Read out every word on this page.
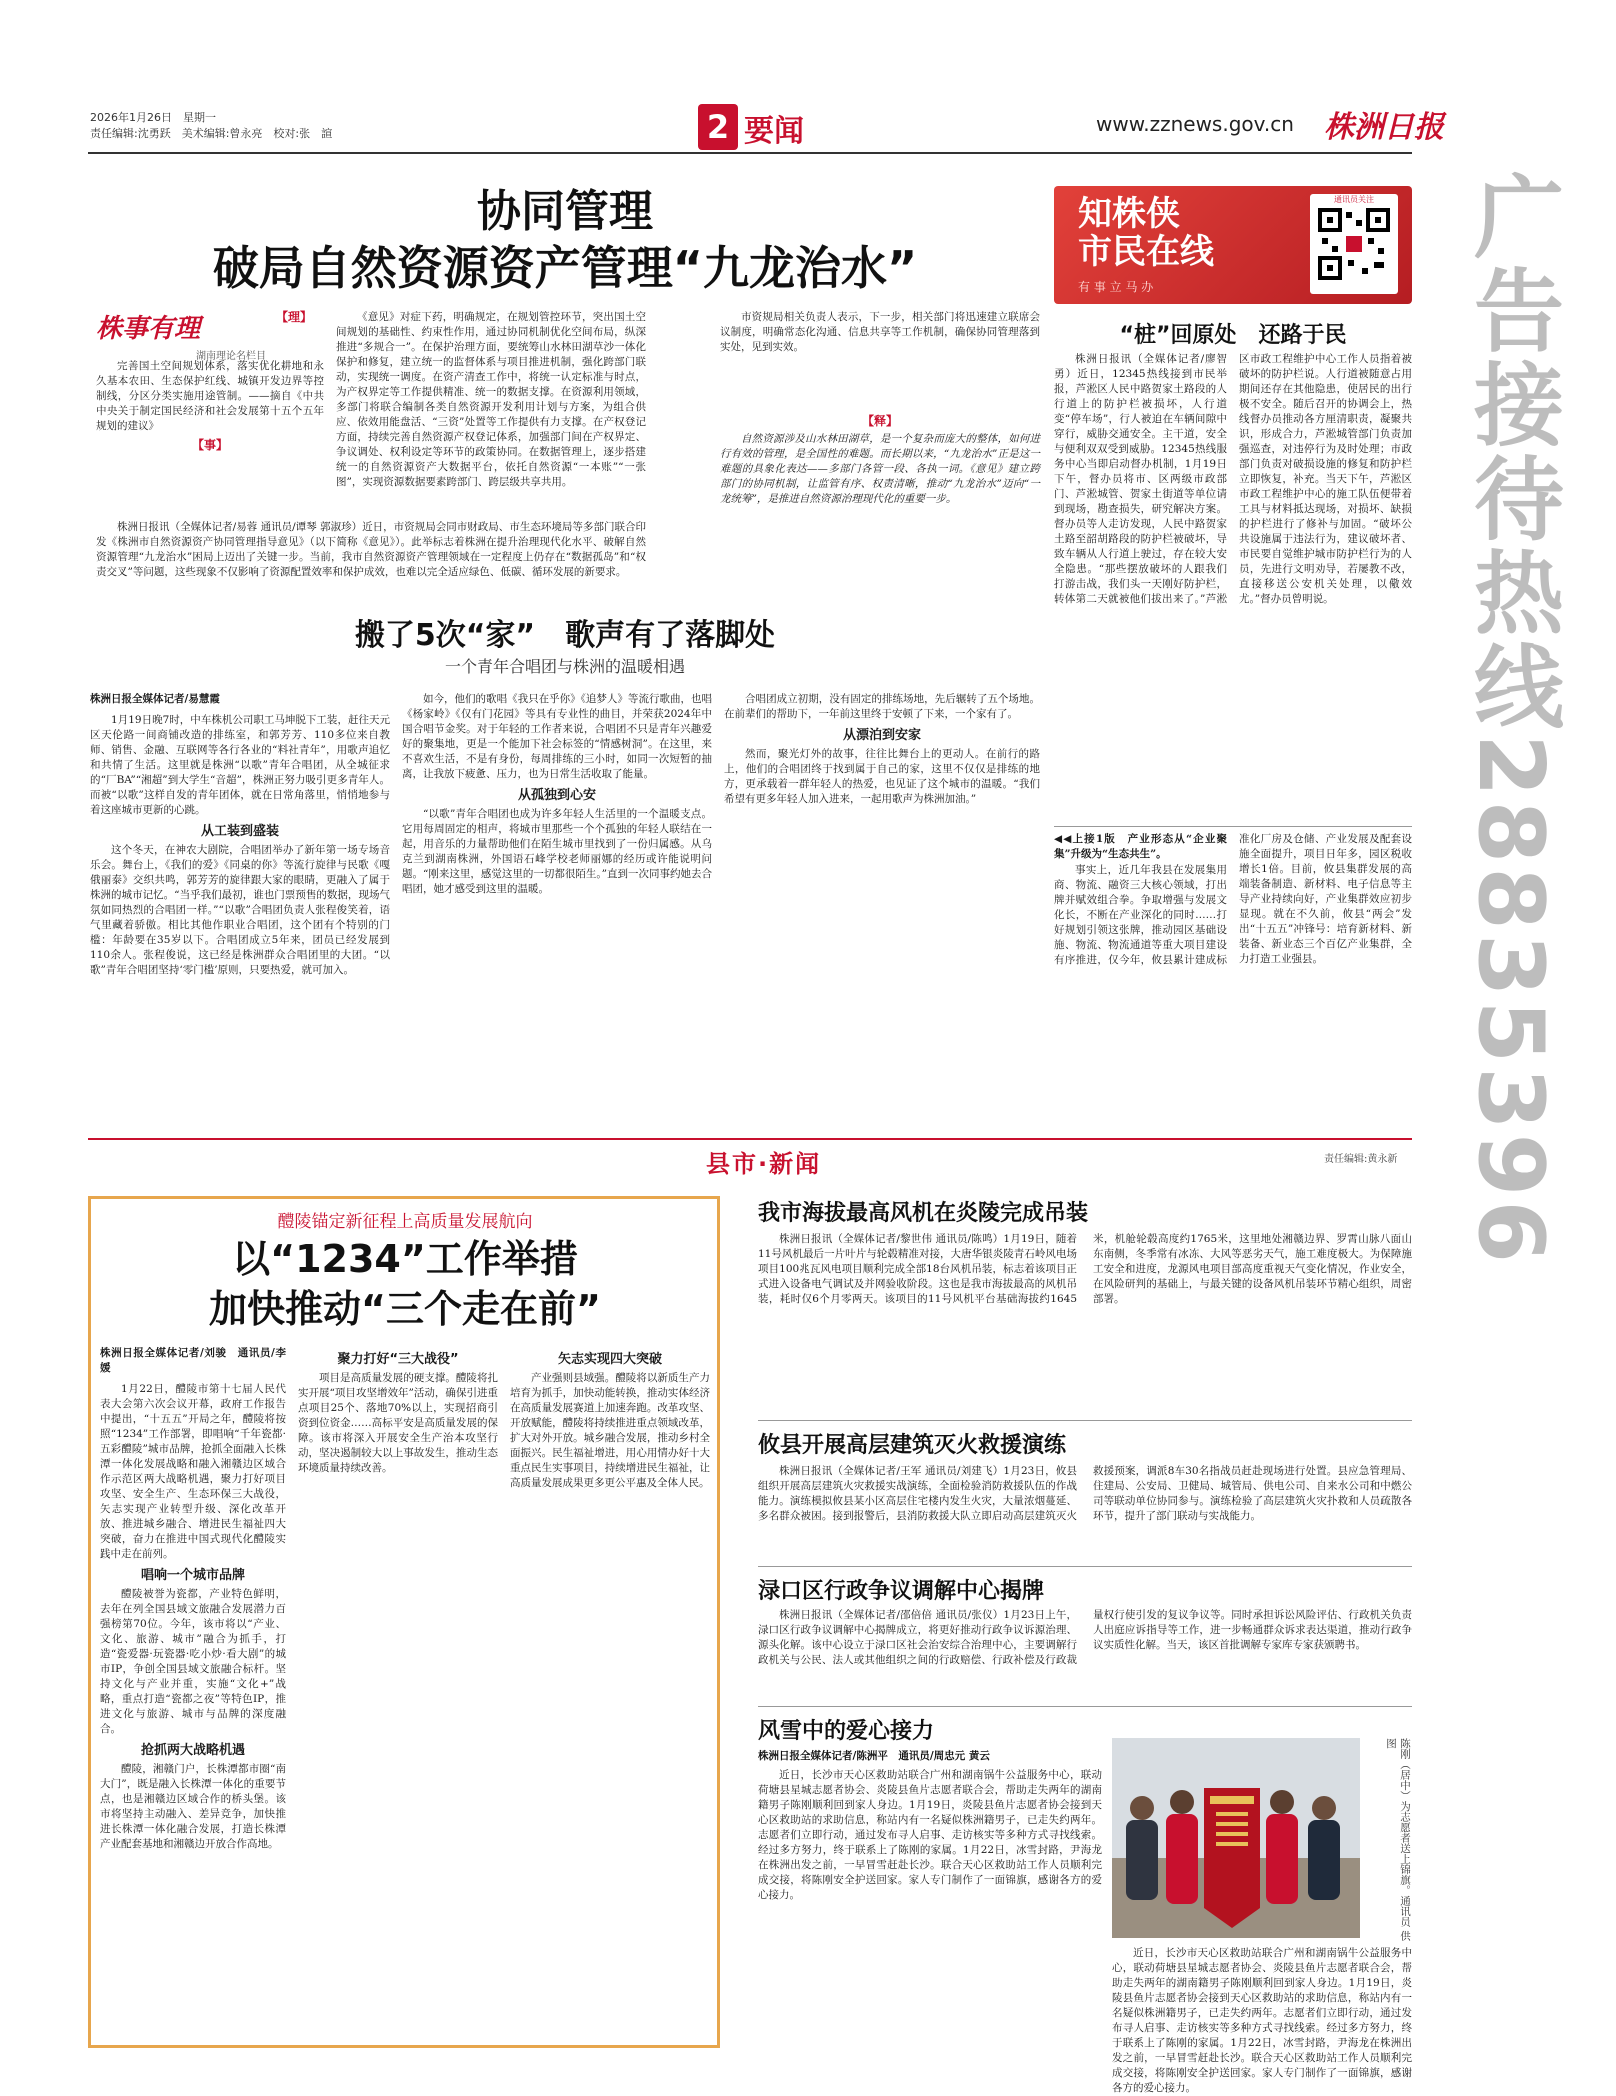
2026年1月26日　星期一
责任编辑:沈勇跃　美术编辑:曾永亮　校对:张　諠	2 要闻	www.zznews.gov.cn 株洲日报
广告接待热线28835396
协同管理
破局自然资源资产管理“九龙治水”
株事有理
湖南理论名栏目
【理】

完善国土空间规划体系，落实优化耕地和永久基本农田、生态保护红线、城镇开发边界等控制线，分区分类实施用途管制。——摘自《中共中央关于制定国民经济和社会发展第十五个五年规划的建议》

【事】

株洲日报讯（全媒体记者/易蓉 通讯员/谭琴 郭淑珍）近日，市资规局会同市财政局、市生态环境局等多部门联合印发《株洲市自然资源资产协同管理指导意见》（以下简称《意见》）。此举标志着株洲在提升治理现代化水平、破解自然资源管理“九龙治水”困局上迈出了关键一步。当前，我市自然资源资产管理领域在一定程度上仍存在“数据孤岛”和“权责交叉”等问题，这些现象不仅影响了资源配置效率和保护成效，也难以完全适应绿色、低碳、循环发展的新要求。

《意见》对症下药，明确规定，在规划管控环节，突出国土空间规划的基础性、约束性作用，通过协同机制优化空间布局，纵深推进“多规合一”。在保护治理方面，要统筹山水林田湖草沙一体化保护和修复，建立统一的监督体系与项目推进机制，强化跨部门联动，实现统一调度。在资产清查工作中，将统一认定标准与时点，为产权界定等工作提供精准、统一的数据支撑。在资源利用领域，多部门将联合编制各类自然资源开发利用计划与方案，为组合供应、依效用能盘活、“三资”处置等工作提供有力支撑。在产权登记方面，持续完善自然资源产权登记体系，加强部门间在产权界定、争议调处、权利设定等环节的政策协同。在数据管理上，逐步搭建统一的自然资源资产大数据平台，依托自然资源“一本账”“一张图”，实现资源数据要素跨部门、跨层级共享共用。

市资规局相关负责人表示，下一步，相关部门将迅速建立联席会议制度，明确常态化沟通、信息共享等工作机制，确保协同管理落到实处，见到实效。

【释】

自然资源涉及山水林田湖草，是一个复杂而庞大的整体，如何进行有效的管理，是全国性的难题。而长期以来，“九龙治水”正是这一难题的具象化表达——多部门各管一段、各执一词。《意见》建立跨部门的协同机制，让监管有序、权责清晰，推动“九龙治水”迈向“一龙统筹”，是推进自然资源治理现代化的重要一步。

搬了5次“家”　歌声有了落脚处
一个青年合唱团与株洲的温暖相遇
株洲日报全媒体记者/易慧霞

1月19日晚7时，中车株机公司职工马坤脱下工装，赶往天元区天伦路一间商铺改造的排练室，和郭芳芳、110多位来自教师、销售、金融、互联网等各行各业的“料社青年”，用歌声追忆和共情了生活。这里就是株洲“以歌”青年合唱团，从全城征求的“厂BA”“湘超”到大学生“音超”，株洲正努力吸引更多青年人。而被“以歌”这样自发的青年团体，就在日常角落里，悄悄地参与着这座城市更新的心跳。

从工装到盛装

这个冬天，在神农大剧院，合唱团举办了新年第一场专场音乐会。舞台上，《我们的爱》《同桌的你》等流行旋律与民歌《嘎俄丽泰》交织共鸣，郭芳芳的旋律跟大家的眼睛，更融入了属于株洲的城市记忆。“当乎我们最初，谁也门票预售的数据，现场气氛如同热烈的合唱团一样。”“以歌”合唱团负责人张程俊笑着，语气里藏着骄傲。相比其他作职业合唱团，这个团有个特别的门槛：年龄要在35岁以下。合唱团成立5年来，团员已经发展到110余人。张程俊说，这已经是株洲群众合唱团里的大团。“以歌”青年合唱团坚持‘零门槛’原则，只要热爱，就可加入。

如今，他们的歌唱《我只在乎你》《追梦人》等流行歌曲，也唱《杨家岭》《仅有门花园》等具有专业性的曲目，并荣获2024年中国合唱节金奖。对于年轻的工作者来说，合唱团不只是青年兴趣爱好的聚集地，更是一个能加下社会标签的“情感树洞”。在这里，来不喜欢生活，不是有身份，每周排练的三小时，如同一次短暂的抽离，让我放下疲惫、压力，也为日常生活收取了能量。

从孤独到心安

“以歌”青年合唱团也成为许多年轻人生活里的一个温暖支点。它用每周固定的相声，将城市里那些一个个孤独的年轻人联结在一起，用音乐的力量帮助他们在陌生城市里找到了一份归属感。从乌克兰到湖南株洲，外国语石峰学校老师丽娜的经历或许能说明问题。“刚来这里，感觉这里的一切都很陌生。”直到一次同事约她去合唱团，她才感受到这里的温暖。

合唱团成立初期，没有固定的排练场地，先后辗转了五个场地。在前辈们的帮助下，一年前这里终于安顿了下来，一个家有了。

从漂泊到安家

然而，聚光灯外的故事，往往比舞台上的更动人。在前行的路上，他们的合唱团终于找到属于自己的家，这里不仅仅是排练的地方，更承载着一群年轻人的热爱，也见证了这个城市的温暖。“我们希望有更多年轻人加入进来，一起用歌声为株洲加油。”

知株侠
市民在线
有 事 立 马 办
通讯员关注
“桩”回原处　还路于民

株洲日报讯（全媒体记者/廖智勇）近日，12345热线接到市民举报，芦淞区人民中路贺家土路段的人行道上的防护栏被损坏，人行道变“停车场”，行人被迫在车辆间隙中穿行，威胁交通安全。主干道，安全与便利双双受到威胁。12345热线服务中心当即启动督办机制，1月19日下午，督办员将市、区两级市政部门、芦淞城管、贺家土街道等单位请到现场，勘查损失，研究解决方案。督办员等人走访发现，人民中路贺家土路至韶胡路段的防护栏被破坏，导致车辆从人行道上驶过，存在较大安全隐患。“那些摆放破坏的人跟我们打游击战，我们头一天刚好防护栏，转体第二天就被他们拔出来了。”芦淞区市政工程维护中心工作人员指着被破坏的防护栏说。人行道被随意占用期间还存在其他隐患，使居民的出行极不安全。随后召开的协调会上，热线督办员推动各方厘清职责，凝聚共识，形成合力，芦淞城管部门负责加强巡查，对违停行为及时处理；市政部门负责对破损设施的修复和防护栏立即恢复，补充。当天下午，芦淞区市政工程维护中心的施工队伍便带着工具与材料抵达现场，对损坏、缺损的护栏进行了修补与加固。“破坏公共设施属于违法行为，建议破坏者、市民要自觉维护城市防护栏行为的人员，先进行文明劝导，若屡教不改，直接移送公安机关处理，以儆效尤。”督办员曾明说。

◀◀上接1版　产业形态从“企业聚集”升级为“生态共生”。

事实上，近几年我县在发展集用商、物流、融资三大核心领域，打出牌并赋效组合拳。争取增强与发展文化长，不断在产业深化的同时……打好规划引领这张牌，推动园区基础设施、物流、物流通道等重大项目建设有序推进，仅今年，攸县累计建成标准化厂房及仓储、产业发展及配套设施全面提升，项目日年多，园区税收增长1倍。目前，攸县集群发展的高端装备制造、新材料、电子信息等主导产业持续向好，产业集群效应初步显现。就在不久前，攸县“两会”发出“十五五”冲锋号：培育新材料、新装备、新业态三个百亿产业集群，全力打造工业强县。

县市·新闻	责任编辑:黄永新
醴陵锚定新征程上高质量发展航向
以“1234”工作举措
加快推动“三个走在前”
株洲日报全媒体记者/刘骏　通讯员/李媛

1月22日，醴陵市第十七届人民代表大会第六次会议开幕，政府工作报告中提出，“十五五”开局之年，醴陵将按照“1234”工作部署，即唱响“千年瓷都·五彩醴陵”城市品牌，抢抓全面融入长株潭一体化发展战略和融入湘赣边区域合作示范区两大战略机遇，聚力打好项目攻坚、安全生产、生态环保三大战役，矢志实现产业转型升级、深化改革开放、推进城乡融合、增进民生福祉四大突破，奋力在推进中国式现代化醴陵实践中走在前列。

唱响一个城市品牌

醴陵被誉为瓷都，产业特色鲜明，去年在列全国县域文旅融合发展潜力百强榜第70位。今年，该市将以“产业、文化、旅游、城市”融合为抓手，打造“瓷爱器·玩瓷器·吃小炒·看大剧”的城市IP，争创全国县域文旅融合标杆。坚持文化与产业并重，实施“文化+”战略，重点打造“瓷都之夜”等特色IP，推进文化与旅游、城市与品牌的深度融合。

抢抓两大战略机遇

醴陵，湘赣门户，长株潭都市圈“南大门”，既是融入长株潭一体化的重要节点，也是湘赣边区域合作的桥头堡。该市将坚持主动融入、差异竞争，加快推进长株潭一体化融合发展，打造长株潭产业配套基地和湘赣边开放合作高地。

聚力打好“三大战役”

项目是高质量发展的硬支撑。醴陵将扎实开展“项目攻坚增效年”活动，确保引进重点项目25个、落地70%以上，实现招商引资到位资金……高标平安是高质量发展的保障。该市将深入开展安全生产治本攻坚行动，坚决遏制较大以上事故发生，推动生态环境质量持续改善。

矢志实现四大突破

产业强则县域强。醴陵将以新质生产力培育为抓手，加快动能转换，推动实体经济在高质量发展赛道上加速奔跑。改革攻坚、开放赋能，醴陵将持续推进重点领域改革，扩大对外开放。城乡融合发展，推动乡村全面振兴。民生福祉增进，用心用情办好十大重点民生实事项目，持续增进民生福祉，让高质量发展成果更多更公平惠及全体人民。

我市海拔最高风机在炎陵完成吊装

株洲日报讯（全媒体记者/黎世伟 通讯员/陈鸣）1月19日，随着11号风机最后一片叶片与轮毂精准对接，大唐华银炎陵青石岭风电场项目100兆瓦风电项目顺利完成全部18台风机吊装，标志着该项目正式进入设备电气调试及并网验收阶段。这也是我市海拔最高的风机吊装，耗时仅6个月零两天。该项目的11号风机平台基础海拔约1645米，机舱轮毂高度约1765米，这里地处湘赣边界、罗霄山脉八面山东南侧，冬季常有冰冻、大风等恶劣天气，施工难度极大。为保障施工安全和进度，龙源风电项目部高度重视天气变化情况，作业安全，在风险研判的基础上，与最关键的设备风机吊装环节精心组织，周密部署。

攸县开展高层建筑灭火救援演练

株洲日报讯（全媒体记者/王军 通讯员/刘建飞）1月23日，攸县组织开展高层建筑火灾救援实战演练，全面检验消防救援队伍的作战能力。演练模拟攸县某小区高层住宅楼内发生火灾，大量浓烟蔓延、多名群众被困。接到报警后，县消防救援大队立即启动高层建筑灭火救援预案，调派8车30名指战员赶赴现场进行处置。县应急管理局、住建局、公安局、卫健局、城管局、供电公司、自来水公司和中燃公司等联动单位协同参与。演练检验了高层建筑火灾扑救和人员疏散各环节，提升了部门联动与实战能力。

渌口区行政争议调解中心揭牌

株洲日报讯（全媒体记者/邵倍倍 通讯员/张仪）1月23日上午，渌口区行政争议调解中心揭牌成立，将更好推动行政争议诉源治理、源头化解。该中心设立于渌口区社会治安综合治理中心，主要调解行政机关与公民、法人或其他组织之间的行政赔偿、行政补偿及行政裁量权行使引发的复议争议等。同时承担诉讼风险评估、行政机关负责人出庭应诉指导等工作，进一步畅通群众诉求表达渠道，推动行政争议实质性化解。当天，该区首批调解专家库专家获颁聘书。

风雪中的爱心接力
株洲日报全媒体记者/陈洲平　通讯员/周忠元 黄云

近日，长沙市天心区救助站联合广州和湖南锅牛公益服务中心，联动荷塘县星城志愿者协会、炎陵县鱼片志愿者联合会，帮助走失两年的湖南籍男子陈刚顺利回到家人身边。1月19日，炎陵县鱼片志愿者协会接到天心区救助站的求助信息，称站内有一名疑似株洲籍男子，已走失约两年。志愿者们立即行动，通过发布寻人启事、走访核实等多种方式寻找线索。经过多方努力，终于联系上了陈刚的家属。1月22日，冰雪封路，尹海龙在株洲出发之前，一早冒雪赶赴长沙。联合天心区救助站工作人员顺利完成交接，将陈刚安全护送回家。家人专门制作了一面锦旗，感谢各方的爱心接力。	陈刚（居中）为志愿者送上锦旗。通讯员 供图

近日，长沙市天心区救助站联合广州和湖南锅牛公益服务中心，联动荷塘县星城志愿者协会、炎陵县鱼片志愿者联合会，帮助走失两年的湖南籍男子陈刚顺利回到家人身边。1月19日，炎陵县鱼片志愿者协会接到天心区救助站的求助信息，称站内有一名疑似株洲籍男子，已走失约两年。志愿者们立即行动，通过发布寻人启事、走访核实等多种方式寻找线索。经过多方努力，终于联系上了陈刚的家属。1月22日，冰雪封路，尹海龙在株洲出发之前，一早冒雪赶赴长沙。联合天心区救助站工作人员顺利完成交接，将陈刚安全护送回家。家人专门制作了一面锦旗，感谢各方的爱心接力。
